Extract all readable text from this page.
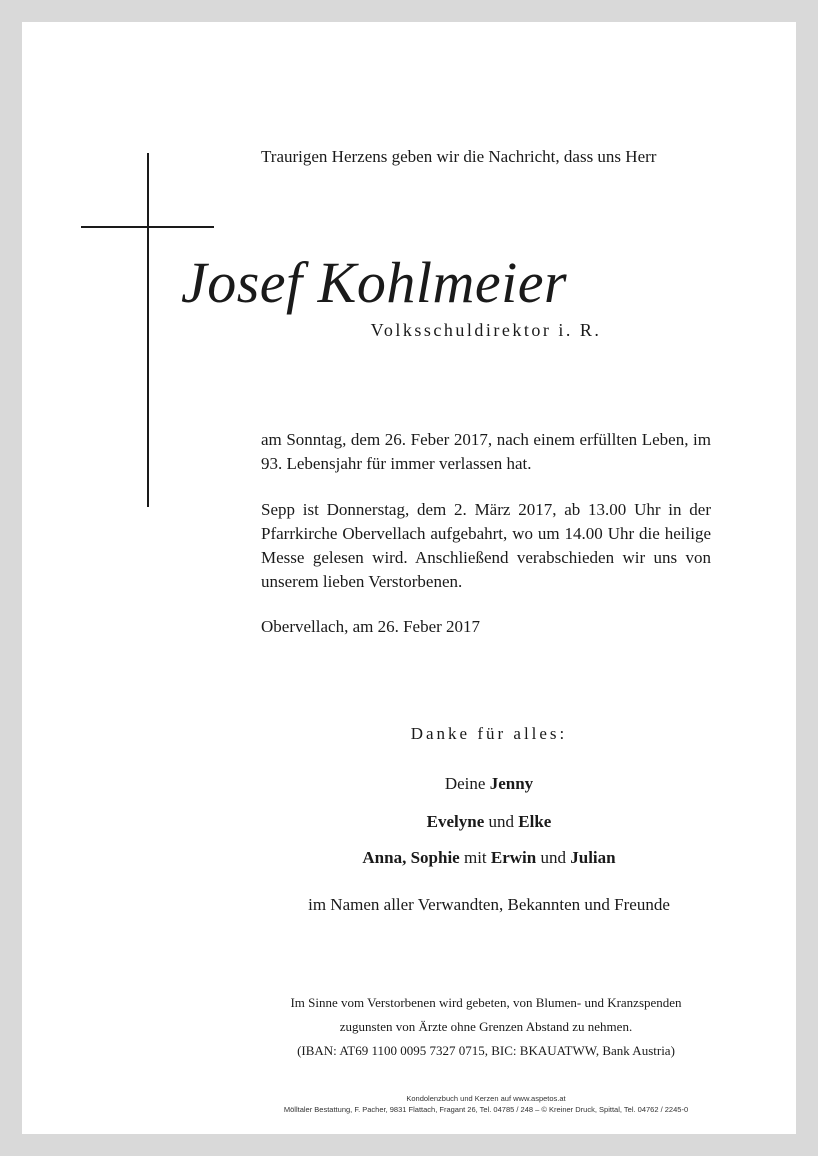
Traurigen Herzens geben wir die Nachricht, dass uns Herr
Josef Kohlmeier
Volksschuldirektor i. R.
am Sonntag, dem 26. Feber 2017, nach einem erfüllten Leben, im 93. Lebensjahr für immer verlassen hat.
Sepp ist Donnerstag, dem 2. März 2017, ab 13.00 Uhr in der Pfarrkirche Obervellach aufgebahrt, wo um 14.00 Uhr die heilige Messe gelesen wird. Anschließend verabschieden wir uns von unserem lieben Verstorbenen.
Obervellach, am 26. Feber 2017
Danke für alles:
Deine Jenny
Evelyne und Elke
Anna, Sophie mit Erwin und Julian
im Namen aller Verwandten, Bekannten und Freunde
Im Sinne vom Verstorbenen wird gebeten, von Blumen- und Kranzspenden
zugunsten von Ärzte ohne Grenzen Abstand zu nehmen.
(IBAN: AT69 1100 0095 7327 0715, BIC: BKAUATWW, Bank Austria)
Kondolenzbuch und Kerzen auf www.aspetos.at
Mölltaler Bestattung, F. Pacher, 9831 Flattach, Fragant 26, Tel. 04785 / 248 – © Kreiner Druck, Spittal, Tel. 04762 / 2245-0
